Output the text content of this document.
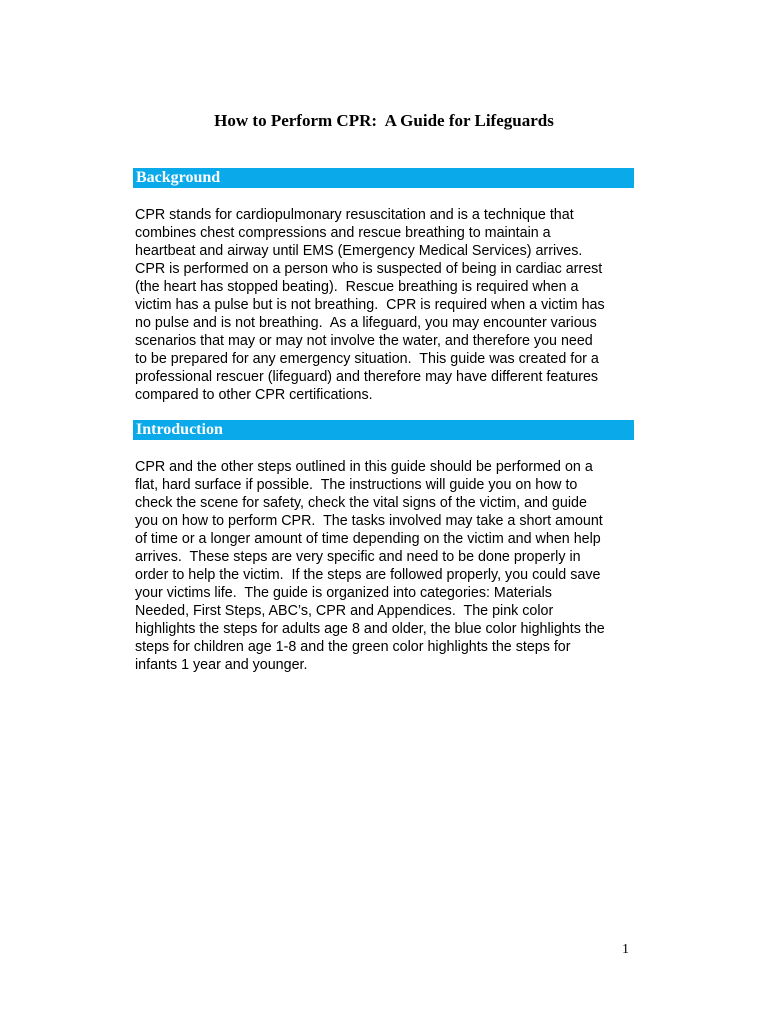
How to Perform CPR:  A Guide for Lifeguards
Background
CPR stands for cardiopulmonary resuscitation and is a technique that
combines chest compressions and rescue breathing to maintain a
heartbeat and airway until EMS (Emergency Medical Services) arrives.
CPR is performed on a person who is suspected of being in cardiac arrest
(the heart has stopped beating).  Rescue breathing is required when a
victim has a pulse but is not breathing.  CPR is required when a victim has
no pulse and is not breathing.  As a lifeguard, you may encounter various
scenarios that may or may not involve the water, and therefore you need
to be prepared for any emergency situation.  This guide was created for a
professional rescuer (lifeguard) and therefore may have different features
compared to other CPR certifications.
Introduction
CPR and the other steps outlined in this guide should be performed on a
flat, hard surface if possible.  The instructions will guide you on how to
check the scene for safety, check the vital signs of the victim, and guide
you on how to perform CPR.  The tasks involved may take a short amount
of time or a longer amount of time depending on the victim and when help
arrives.  These steps are very specific and need to be done properly in
order to help the victim.  If the steps are followed properly, you could save
your victims life.  The guide is organized into categories: Materials
Needed, First Steps, ABC’s, CPR and Appendices.  The pink color
highlights the steps for adults age 8 and older, the blue color highlights the
steps for children age 1-8 and the green color highlights the steps for
infants 1 year and younger.
1
